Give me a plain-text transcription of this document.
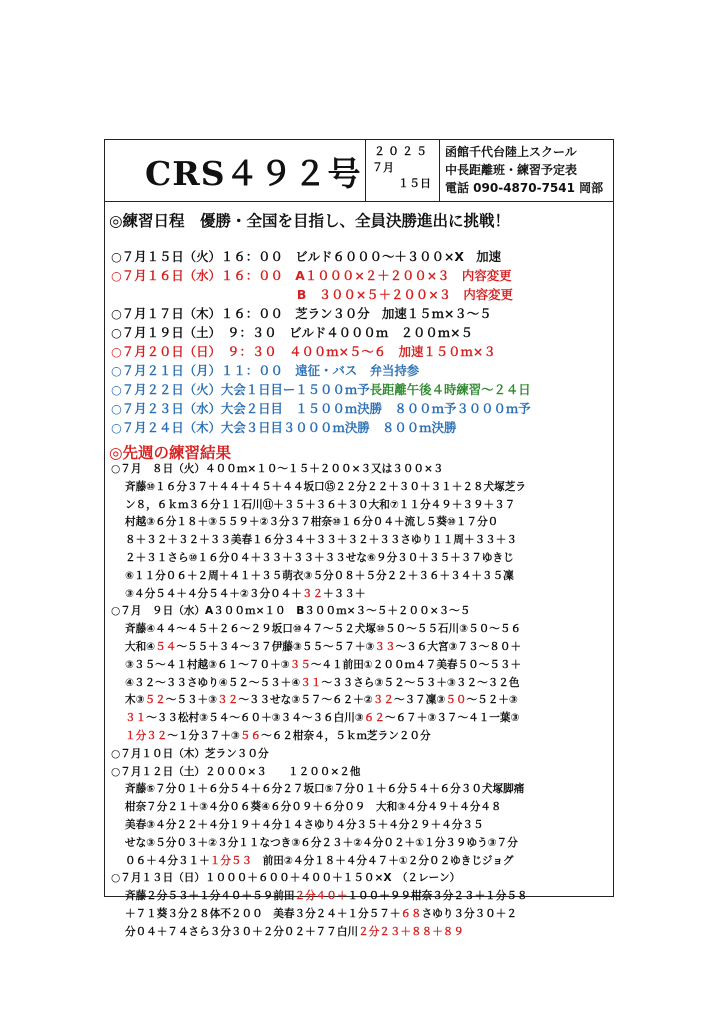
CRS４９２号
２０２５
７月
１５日
函館千代台陸上スクール
中長距離班・練習予定表
電話 090-4870-7541 岡部
◎練習日程　優勝・全国を目指し、全員決勝進出に挑戦！
○７月１５日（火）１６：００　ビルド６０００～＋３００×X　加速
○７月１６日（水）１６：００　A１０００×２＋２００×３　内容変更
　　　　　　　　　　　　　　　B　３００×５＋２００×３　内容変更
○７月１７日（木）１６：００　芝ラン３０分　加速１５ｍ×３～５
○７月１９日（土）　９：３０　ビルド４０００ｍ　２００ｍ×５
○７月２０日（日）　９：３０　４００ｍ×５～６　加速１５０ｍ×３
○７月２１日（月）１１：００　遠征・バス　弁当持参
○７月２２日（火）大会１日目ー１５００ｍ予長距離午後４時練習～２４日
○７月２３日（水）大会２日目　１５００ｍ決勝　８００ｍ予３０００ｍ予
○７月２４日（木）大会３日目３０００ｍ決勝　８００ｍ決勝
◎先週の練習結果
○７月　８日（火）４００ｍ×１０～１５＋２００×３又は３００×３
斉藤⑩１６分３７＋４４＋４５＋４４坂口⑮２２分２２＋３０＋３１＋２８犬塚芝ラ
ン８，６ｋｍ３６分１１石川⑪＋３５＋３６＋３０大和⑦１１分４９＋３９＋３７
村越③６分１８＋③５５９＋②３分３７柑奈⑩１６分０４＋流し５葵⑩１７分０
８＋３２＋３２＋３３美春１６分３４＋３３＋３２＋３３さゆり１１周＋３３＋３
２＋３１さら⑩１６分０４＋３３＋３３＋３３せな⑥９分３０＋３５＋３７ゆきじ
⑥１１分０６＋２周＋４１＋３５萌衣③５分０８＋５分２２＋３６＋３４＋３５凜
③４分５４＋４分５４＋②３分０４＋３２＋３３＋
○７月　９日（水）A３００ｍ×１０　B３００ｍ×３～５＋２００×３～５
斉藤④４４～４５＋２６～２９坂口⑩４７～５２犬塚⑩５０～５５石川③５０～５６
大和④５４～５５＋３４～３７伊藤③５５～５７＋③３３～３６大宮③７３～８０＋
③３５～４１村越③６１～７０＋③３５～４１前田①２００ｍ４７美春５０～５３＋
④３２～３３さゆり④５２～５３＋④３１～３３さら③５２～５３＋③３２～３２色
木③５２～５３＋③３２～３３せな③５７～６２＋②３２～３７凜③５０～５２＋③
３１～３３松村③５４～６０＋③３４～３６白川③６２～６７＋③３７～４１一葉③
１分３２～１分３７＋③５６～６２柑奈４，５ｋｍ芝ラン２０分
○７月１０日（木）芝ラン３０分
○７月１２日（土）２０００×３　　１２００×２他
斉藤⑤７分０１＋６分５４＋６分２７坂口⑤７分０１＋６分５４＋６分３０犬塚脚痛
柑奈７分２１＋③４分０６葵④６分０９＋６分０９　大和③４分４９＋４分４８
美春③４分２２＋４分１９＋４分１４さゆり４分３５＋４分２９＋４分３５
せな③５分０３＋②３分１１なつき③６分２３＋②４分０２＋①１分３９ゆう③７分
０６＋４分３１＋１分５３　前田②４分１８＋４分４７＋①２分０２ゆきじジョグ
○７月１３日（日）１０００＋６００＋４００＋１５０×X　（２レーン）
斉藤２分５３＋１分４０＋５９前田２分４０＋１００＋９９柑奈３分２３＋１分５８
＋７１葵３分２８体不２００　美春３分２４＋１分５７＋６８さゆり３分３０＋２
分０４＋７４さら３分３０＋２分０２＋７７白川２分２３＋８８＋８９
